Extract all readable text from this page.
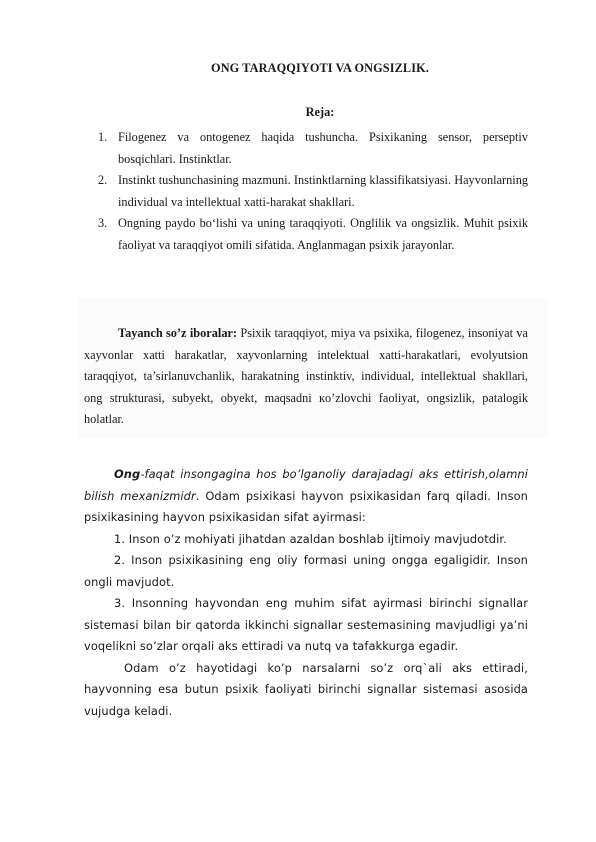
ONG TARAQQIYOTI VA ONGSIZLIK.
Reja:
1. Filogenez va ontogenez haqida tushuncha. Psixikaning sensor, perseptiv bosqichlari. Instinktlar.
2. Instinkt tushunchasining mazmuni. Instinktlarning klassifikatsiyasi. Hayvonlarning individual va intellektual xatti-harakat shakllari.
3. Ongning paydo bo‘lishi va uning taraqqiyoti. Onglilik va ongsizlik. Muhit psixik faoliyat va taraqqiyot omili sifatida. Anglanmagan psixik jarayonlar.
Tayanch so’z iboralar: Psixik taraqqiyot, miya va psixika, filogenez, insoniyat va xayvonlar xatti harakatlar, xayvonlarning intelektual xatti-harakatlari, evolyutsion taraqqiyot, ta’sirlanuvchanlik, harakatning instinktiv, individual, intellektual shakllari, ong strukturasi, subyekt, obyekt, maqsadni кo’zlovchi faoliyat, ongsizlik, patalogik holatlar.

Ong-faqat insongagina hos bo’lganoliy darajadagi aks ettirish,olamni bilish mexanizmidr. Odam psixikasi hayvon psixikasidan farq qiladi. Inson psixikasining hayvon psixikasidan sifat ayirmasi:

1. Inson o’z mohiyati jihatdan azaldan boshlab ijtimoiy mavjudotdir.

2. Inson psixikasining eng oliy formasi uning ongga egaligidir. Inson ongli mavjudot.

3. Insonning hayvondan eng muhim sifat ayirmasi birinchi signallar sistemasi bilan bir qatorda ikkinchi signallar sestemasining mavjudligi ya’ni voqelikni so’zlar orqali aks ettiradi va nutq va tafakkurga egadir.

Odam o’z hayotidagi ko’p narsalarni so’z orq`ali aks ettiradi, hayvonning esa butun psixik faoliyati birinchi signallar sistemasi asosida vujudga keladi.
